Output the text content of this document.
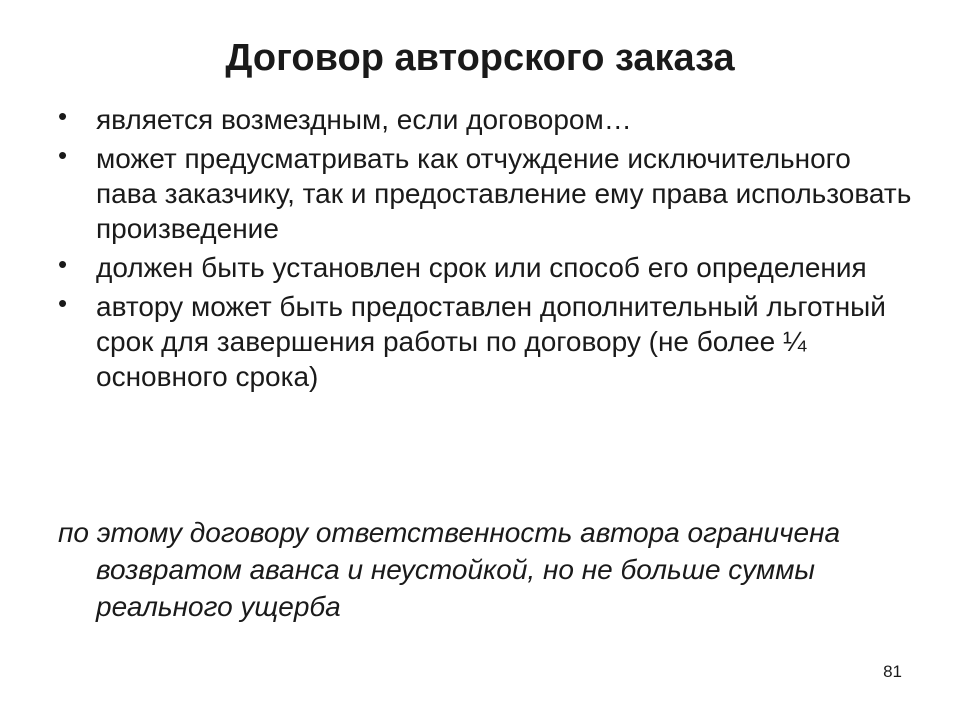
Договор авторского заказа
• является возмездным, если договором…
• может предусматривать как отчуждение исключительного пава заказчику, так и предоставление ему права использовать произведение
• должен быть установлен срок или способ его определения
• автору может быть предоставлен дополнительный льготный срок для завершения работы по договору (не более ¼ основного срока)
по этому договору ответственность автора ограничена возвратом аванса и неустойкой, но не больше суммы реального ущерба
81
